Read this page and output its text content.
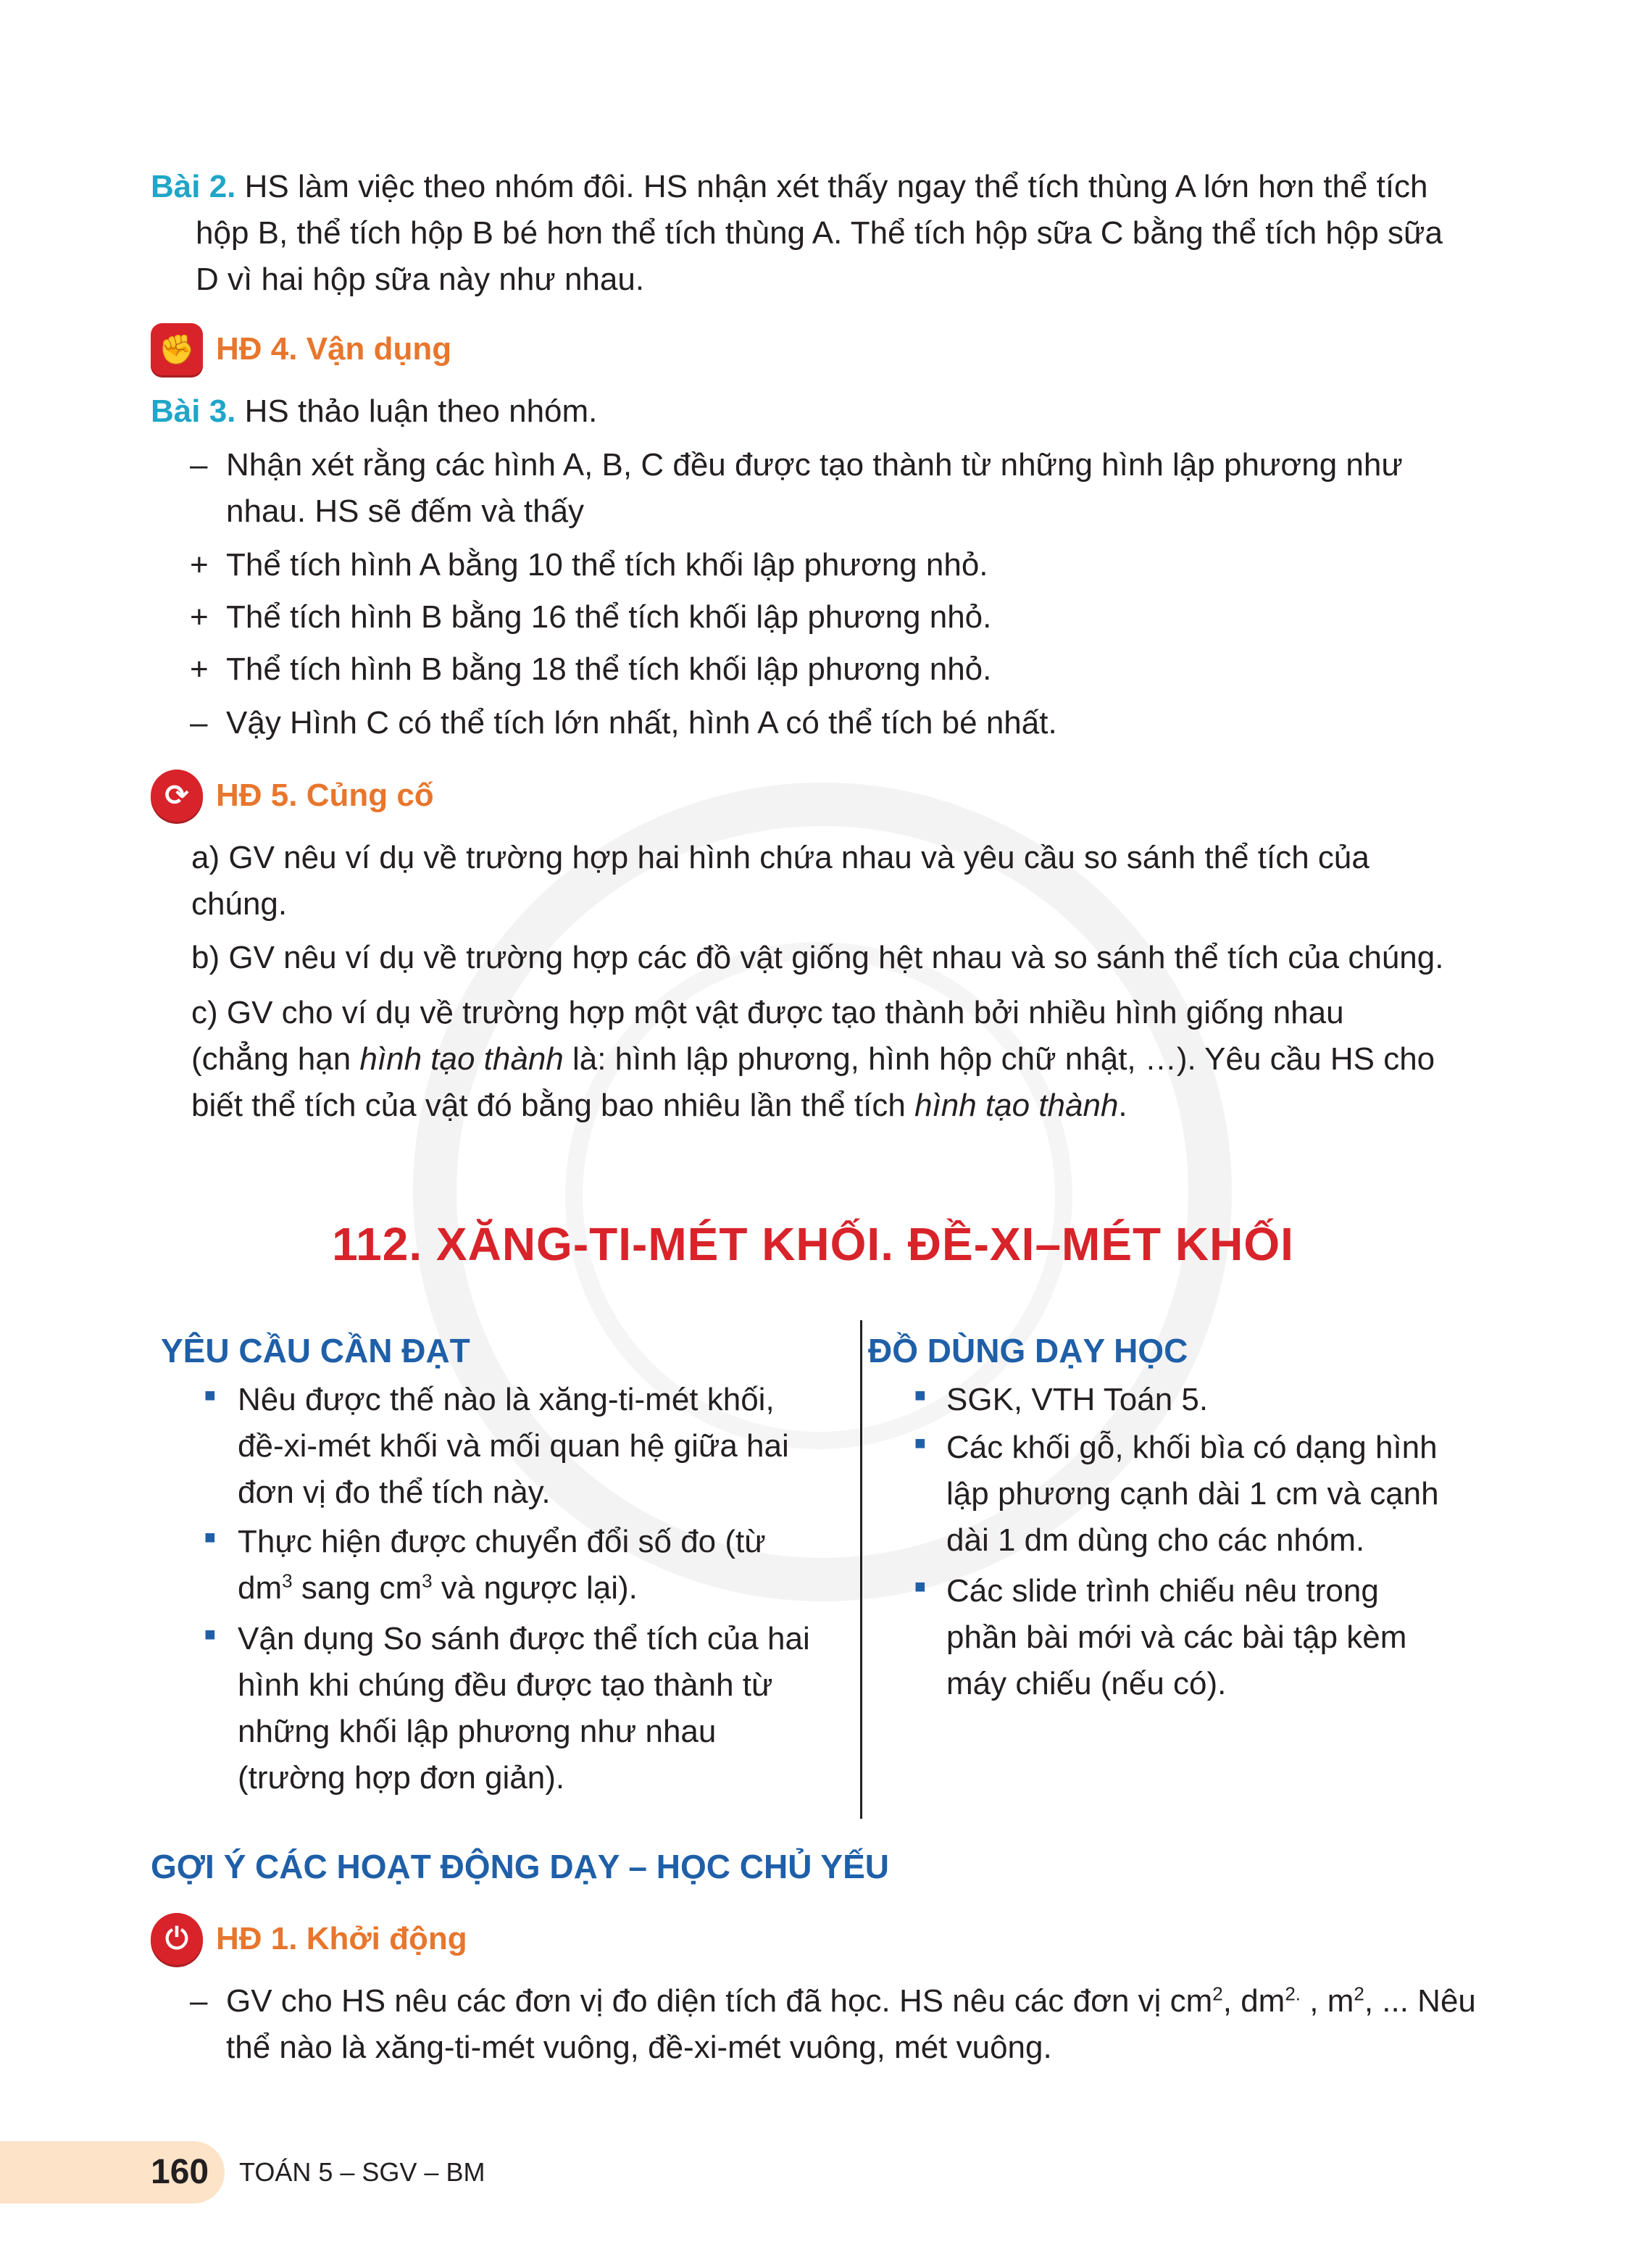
Bài 2. HS làm việc theo nhóm đôi. HS nhận xét thấy ngay thể tích thùng A lớn hơn thể tích
hộp B, thể tích hộp B bé hơn thể tích thùng A. Thể tích hộp sữa C bằng thể tích hộp sữa
D vì hai hộp sữa này như nhau.
✊ HĐ 4. Vận dụng
Bài 3. HS thảo luận theo nhóm.
– Nhận xét rằng các hình A, B, C đều được tạo thành từ những hình lập phương như
nhau. HS sẽ đếm và thấy
+ Thể tích hình A bằng 10 thể tích khối lập phương nhỏ.
+ Thể tích hình B bằng 16 thể tích khối lập phương nhỏ.
+ Thể tích hình B bằng 18 thể tích khối lập phương nhỏ.
– Vậy Hình C có thể tích lớn nhất, hình A có thể tích bé nhất.
⟳ HĐ 5. Củng cố
a) GV nêu ví dụ về trường hợp hai hình chứa nhau và yêu cầu so sánh thể tích của
chúng.
b) GV nêu ví dụ về trường hợp các đồ vật giống hệt nhau và so sánh thể tích của chúng.
c) GV cho ví dụ về trường hợp một vật được tạo thành bởi nhiều hình giống nhau
(chẳng hạn hình tạo thành là: hình lập phương, hình hộp chữ nhật, …). Yêu cầu HS cho
biết thể tích của vật đó bằng bao nhiêu lần thể tích hình tạo thành.
112. XĂNG-TI-MÉT KHỐI. ĐỀ-XI–MÉT KHỐI
YÊU CẦU CẦN ĐẠT
■ Nêu được thế nào là xăng-ti-mét khối,
đề-xi-mét khối và mối quan hệ giữa hai
đơn vị đo thể tích này.
■ Thực hiện được chuyển đổi số đo (từ
$dm^3$ sang $cm^3$ và ngược lại).
■ Vận dụng So sánh được thể tích của hai
hình khi chúng đều được tạo thành từ
những khối lập phương như nhau
(trường hợp đơn giản).
ĐỒ DÙNG DẠY HỌC
■ SGK, VTH Toán 5.
■ Các khối gỗ, khối bìa có dạng hình
lập phương cạnh dài 1 cm và cạnh
dài 1 dm dùng cho các nhóm.
■ Các slide trình chiếu nêu trong
phần bài mới và các bài tập kèm
máy chiếu (nếu có).
GỢI Ý CÁC HOẠT ĐỘNG DẠY – HỌC CHỦ YẾU
⏻ HĐ 1. Khởi động
– GV cho HS nêu các đơn vị đo diện tích đã học. HS nêu các đơn vị $cm^2$, $dm^{2.}$ , $m^2$, ... Nêu
thể nào là xăng-ti-mét vuông, đề-xi-mét vuông, mét vuông.
160 TOÁN 5 – SGV – BM
